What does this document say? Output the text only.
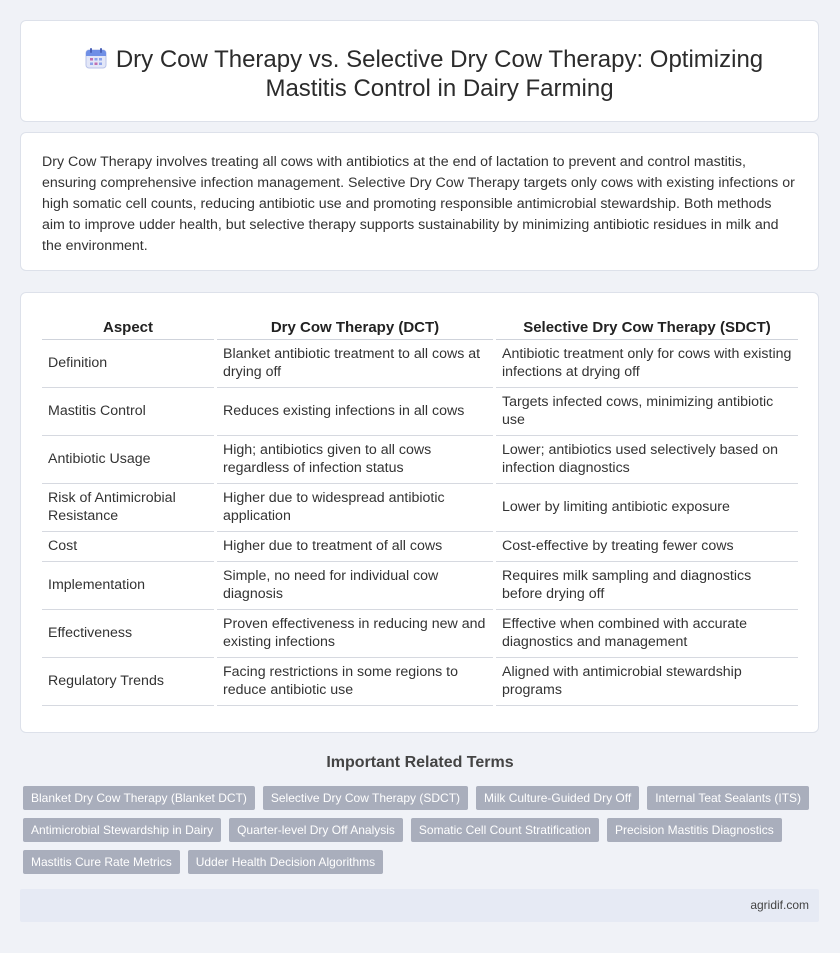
Dry Cow Therapy vs. Selective Dry Cow Therapy: Optimizing Mastitis Control in Dairy Farming

Dry Cow Therapy involves treating all cows with antibiotics at the end of lactation to prevent and control mastitis, ensuring comprehensive infection management. Selective Dry Cow Therapy targets only cows with existing infections or high somatic cell counts, reducing antibiotic use and promoting responsible antimicrobial stewardship. Both methods aim to improve udder health, but selective therapy supports sustainability by minimizing antibiotic residues in milk and the environment.

Aspect	Dry Cow Therapy (DCT)	Selective Dry Cow Therapy (SDCT)
Definition	Blanket antibiotic treatment to all cows at drying off	Antibiotic treatment only for cows with existing infections at drying off
Mastitis Control	Reduces existing infections in all cows	Targets infected cows, minimizing antibiotic use
Antibiotic Usage	High; antibiotics given to all cows regardless of infection status	Lower; antibiotics used selectively based on infection diagnostics
Risk of Antimicrobial Resistance	Higher due to widespread antibiotic application	Lower by limiting antibiotic exposure
Cost	Higher due to treatment of all cows	Cost-effective by treating fewer cows
Implementation	Simple, no need for individual cow diagnosis	Requires milk sampling and diagnostics before drying off
Effectiveness	Proven effectiveness in reducing new and existing infections	Effective when combined with accurate diagnostics and management
Regulatory Trends	Facing restrictions in some regions to reduce antibiotic use	Aligned with antimicrobial stewardship programs
Important Related Terms
Blanket Dry Cow Therapy (Blanket DCT)	Selective Dry Cow Therapy (SDCT)	Milk Culture-Guided Dry Off	Internal Teat Sealants (ITS)
Antimicrobial Stewardship in Dairy	Quarter-level Dry Off Analysis	Somatic Cell Count Stratification	Precision Mastitis Diagnostics
Mastitis Cure Rate Metrics	Udder Health Decision Algorithms
agridif.com
